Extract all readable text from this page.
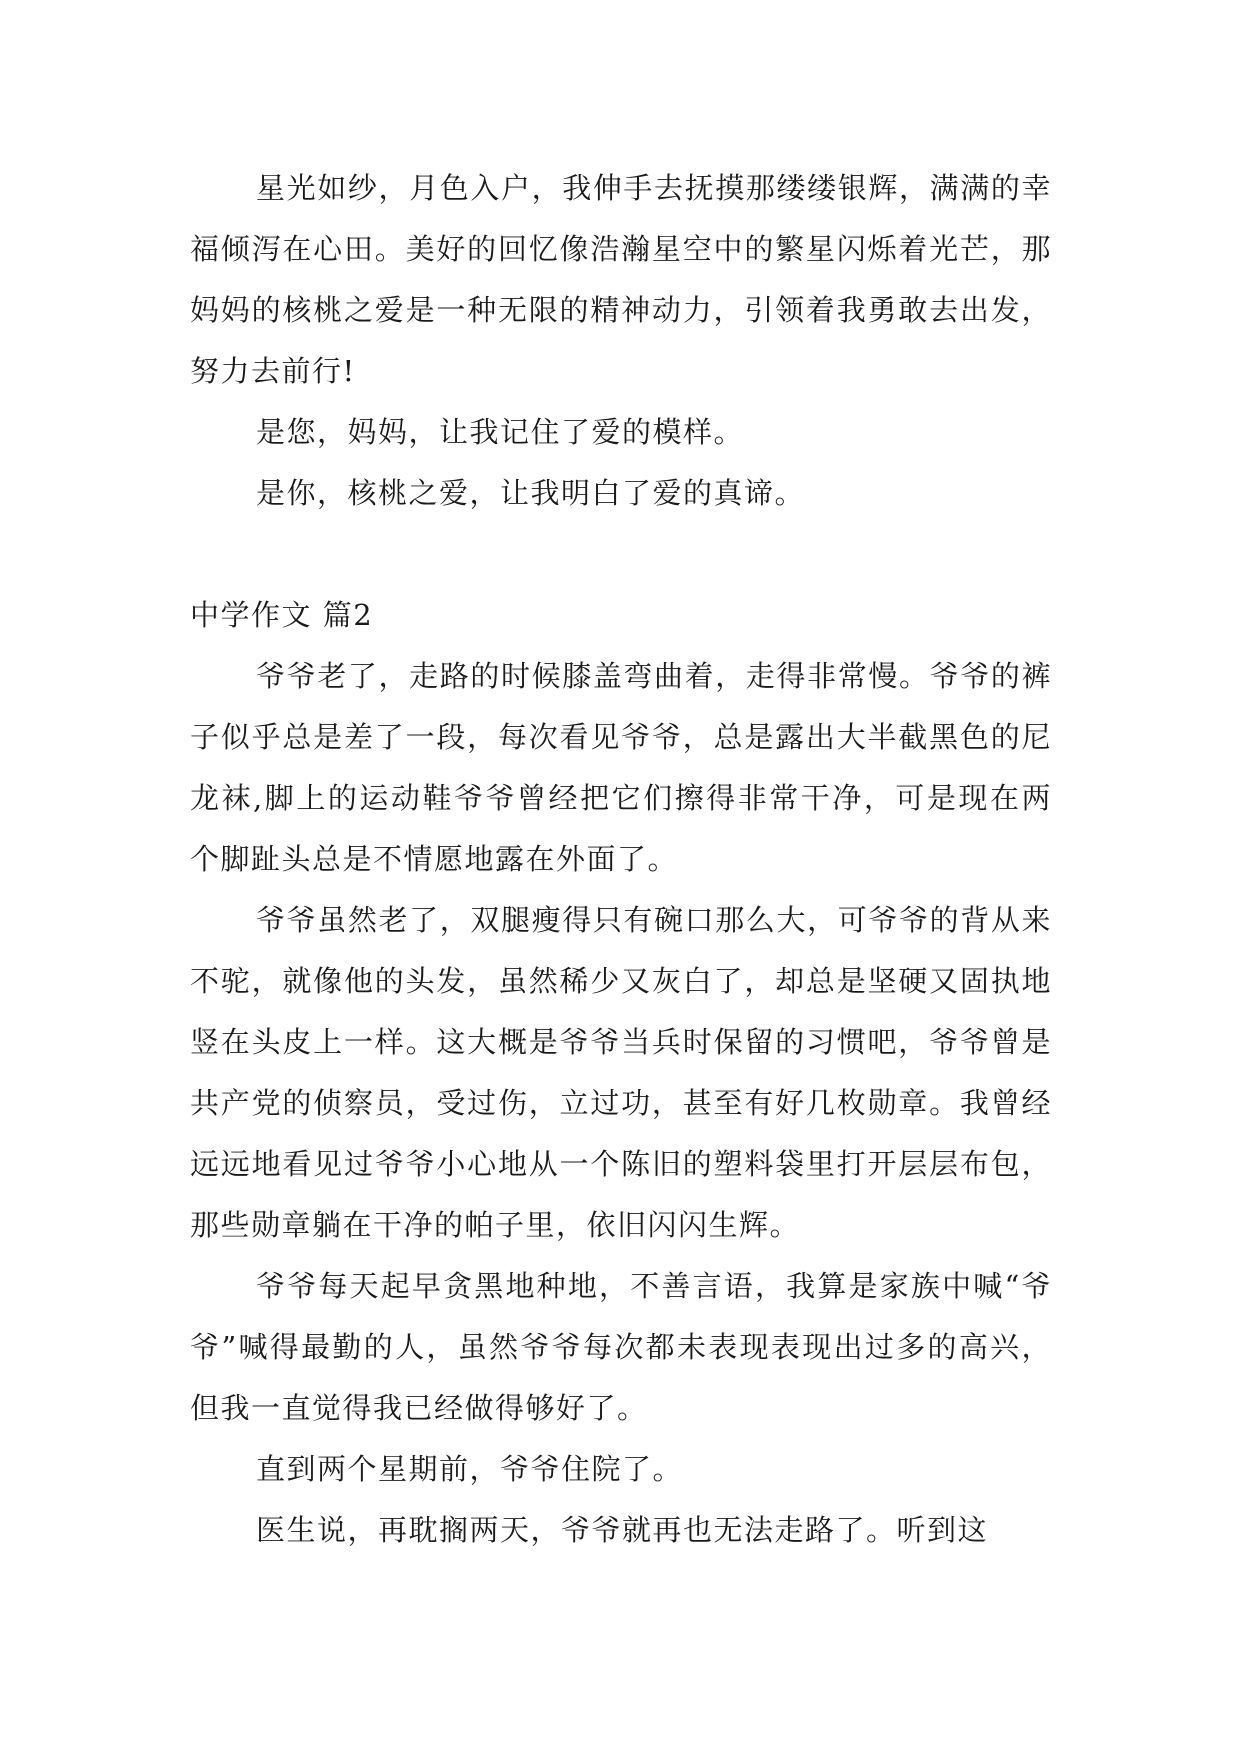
星光如纱，月色入户，我伸手去抚摸那缕缕银辉，满满的幸福倾泻在心田。美好的回忆像浩瀚星空中的繁星闪烁着光芒，那妈妈的核桃之爱是一种无限的精神动力，引领着我勇敢去出发，努力去前行!

是您，妈妈，让我记住了爱的模样。

是你，核桃之爱，让我明白了爱的真谛。

中学作文 篇2

爷爷老了，走路的时候膝盖弯曲着，走得非常慢。爷爷的裤子似乎总是差了一段，每次看见爷爷，总是露出大半截黑色的尼龙袜,脚上的运动鞋爷爷曾经把它们擦得非常干净，可是现在两个脚趾头总是不情愿地露在外面了。

爷爷虽然老了，双腿瘦得只有碗口那么大，可爷爷的背从来不驼，就像他的头发，虽然稀少又灰白了，却总是坚硬又固执地竖在头皮上一样。这大概是爷爷当兵时保留的习惯吧，爷爷曾是共产党的侦察员，受过伤，立过功，甚至有好几枚勋章。我曾经远远地看见过爷爷小心地从一个陈旧的塑料袋里打开层层布包，那些勋章躺在干净的帕子里，依旧闪闪生辉。

爷爷每天起早贪黑地种地，不善言语，我算是家族中喊“爷爷”喊得最勤的人，虽然爷爷每次都未表现表现出过多的高兴，但我一直觉得我已经做得够好了。

直到两个星期前，爷爷住院了。

医生说，再耽搁两天，爷爷就再也无法走路了。听到这
